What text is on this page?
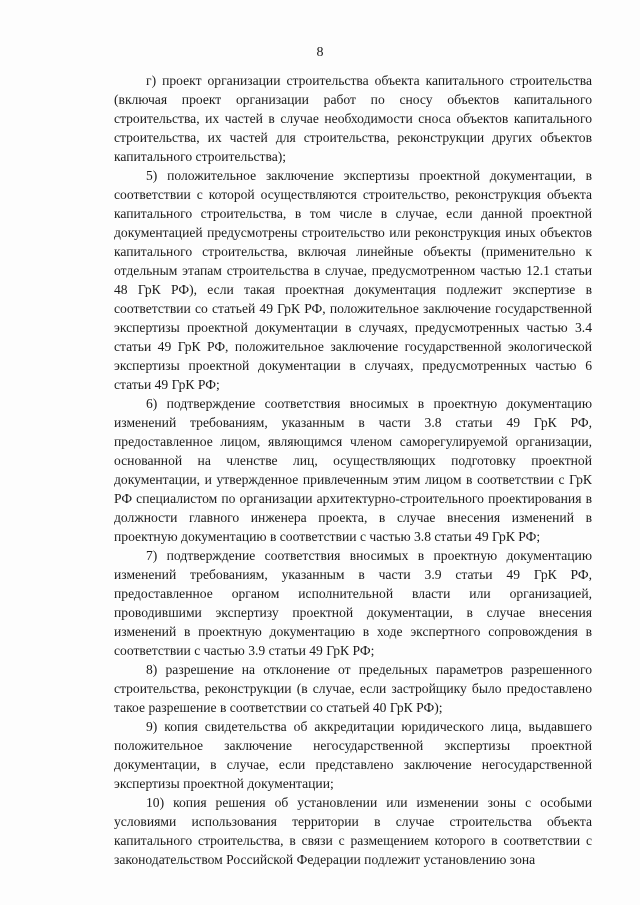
8

г) проект организации строительства объекта капитального строительства (включая проект организации работ по сносу объектов капитального строительства, их частей в случае необходимости сноса объектов капитального строительства, их частей для строительства, реконструкции других объектов капитального строительства);

5) положительное заключение экспертизы проектной документации, в соответствии с которой осуществляются строительство, реконструкция объекта капитального строительства, в том числе в случае, если данной проектной документацией предусмотрены строительство или реконструкция иных объектов капитального строительства, включая линейные объекты (применительно к отдельным этапам строительства в случае, предусмотренном частью 12.1 статьи 48 ГрК РФ), если такая проектная документация подлежит экспертизе в соответствии со статьей 49 ГрК РФ, положительное заключение государственной экспертизы проектной документации в случаях, предусмотренных частью 3.4 статьи 49 ГрК РФ, положительное заключение государственной экологической экспертизы проектной документации в случаях, предусмотренных частью 6 статьи 49 ГрК РФ;

6) подтверждение соответствия вносимых в проектную документацию изменений требованиям, указанным в части 3.8 статьи 49 ГрК РФ, предоставленное лицом, являющимся членом саморегулируемой организации, основанной на членстве лиц, осуществляющих подготовку проектной документации, и утвержденное привлеченным этим лицом в соответствии с ГрК РФ специалистом по организации архитектурно-строительного проектирования в должности главного инженера проекта, в случае внесения изменений в проектную документацию в соответствии с частью 3.8 статьи 49 ГрК РФ;

7) подтверждение соответствия вносимых в проектную документацию изменений требованиям, указанным в части 3.9 статьи 49 ГрК РФ, предоставленное органом исполнительной власти или организацией, проводившими экспертизу проектной документации, в случае внесения изменений в проектную документацию в ходе экспертного сопровождения в соответствии с частью 3.9 статьи 49 ГрК РФ;

8) разрешение на отклонение от предельных параметров разрешенного строительства, реконструкции (в случае, если застройщику было предоставлено такое разрешение в соответствии со статьей 40 ГрК РФ);

9) копия свидетельства об аккредитации юридического лица, выдавшего положительное заключение негосударственной экспертизы проектной документации, в случае, если представлено заключение негосударственной экспертизы проектной документации;

10) копия решения об установлении или изменении зоны с особыми условиями использования территории в случае строительства объекта капитального строительства, в связи с размещением которого в соответствии с законодательством Российской Федерации подлежит установлению зона
